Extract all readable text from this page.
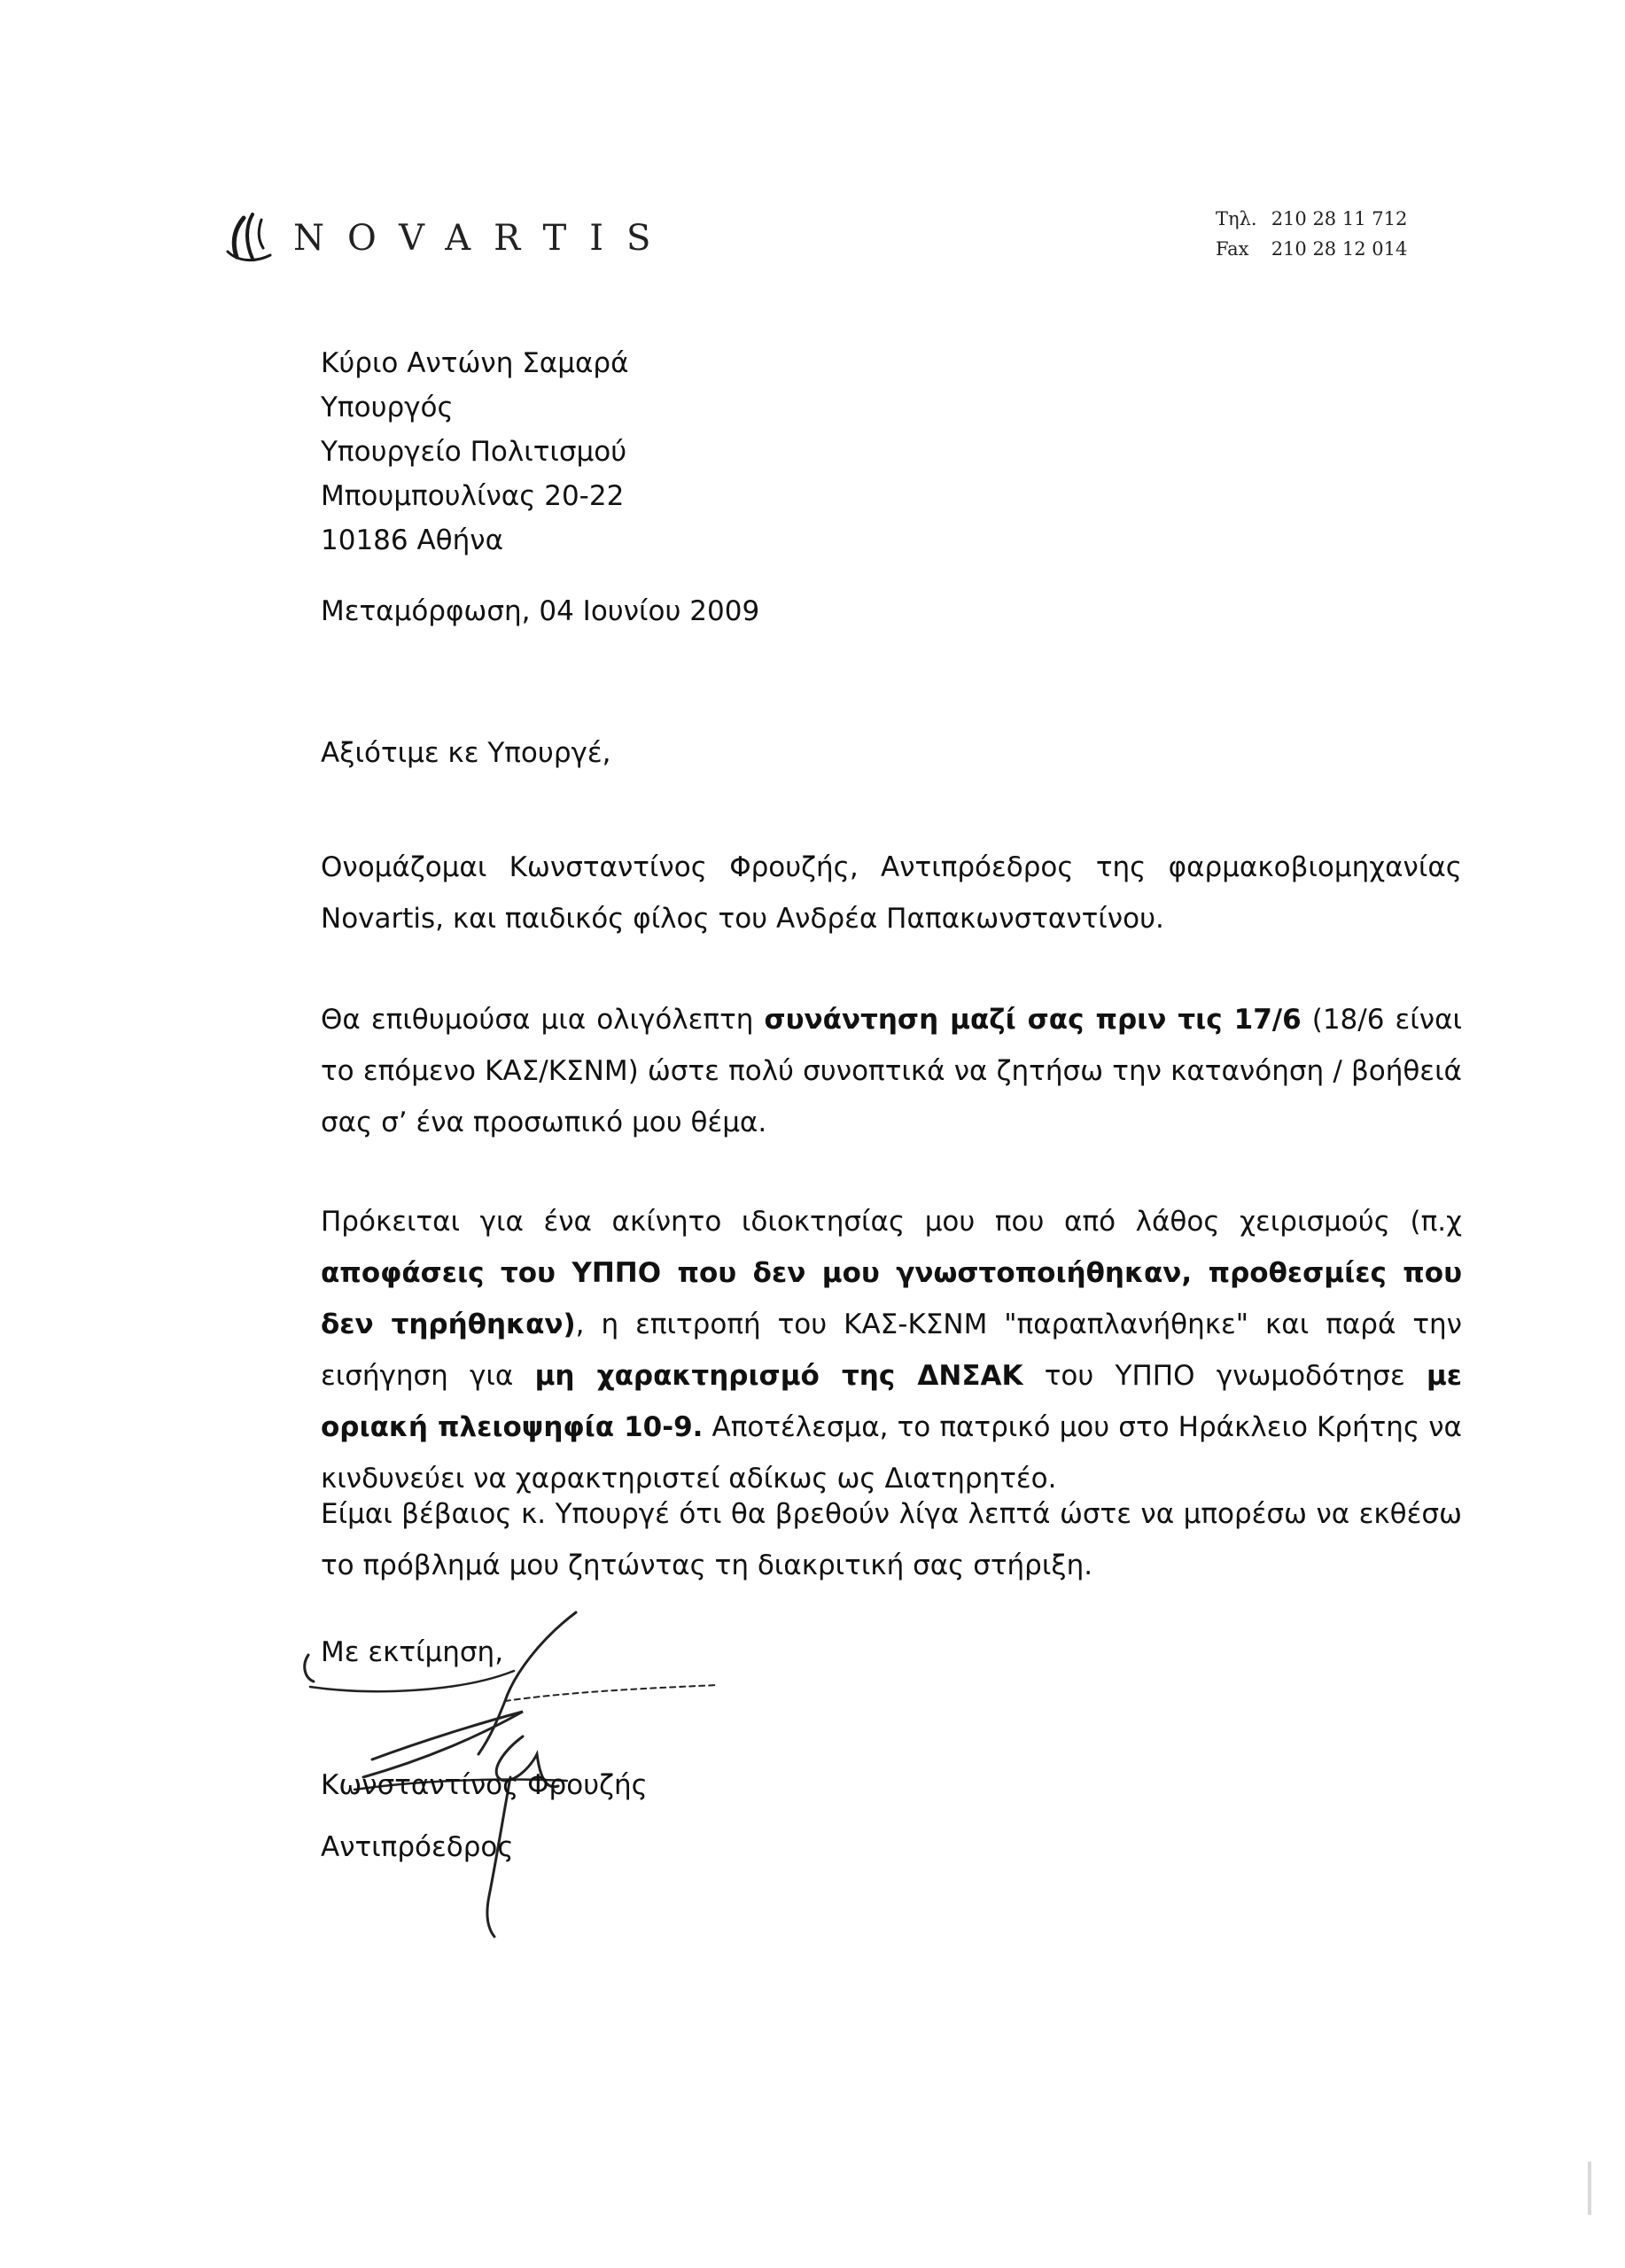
NOVARTIS	Τηλ. 210 28 11 712
Fax 210 28 12 014
Κύριο Αντώνη Σαμαρά
Υπουργός
Υπουργείο Πολιτισμού
Μπουμπουλίνας 20-22
10186 Αθήνα
Μεταμόρφωση, 04 Ιουνίου 2009
Αξιότιμε κε Υπουργέ,
Ονομάζομαι Κωνσταντίνος Φρουζής, Αντιπρόεδρος της φαρμακοβιομηχανίας Novartis, και παιδικός φίλος του Ανδρέα Παπακωνσταντίνου.
Θα επιθυμούσα μια ολιγόλεπτη συνάντηση μαζί σας πριν τις 17/6 (18/6 είναι το επόμενο ΚΑΣ/ΚΣΝΜ) ώστε πολύ συνοπτικά να ζητήσω την κατανόηση / βοήθειά σας σ’ ένα προσωπικό μου θέμα.
Πρόκειται για ένα ακίνητο ιδιοκτησίας μου που από λάθος χειρισμούς (π.χ αποφάσεις του ΥΠΠΟ που δεν μου γνωστοποιήθηκαν, προθεσμίες που δεν τηρήθηκαν), η επιτροπή του ΚΑΣ-ΚΣΝΜ "παραπλανήθηκε" και παρά την εισήγηση για μη χαρακτηρισμό της ΔΝΣΑΚ του ΥΠΠΟ γνωμοδότησε με οριακή πλειοψηφία 10-9. Αποτέλεσμα, το πατρικό μου στο Ηράκλειο Κρήτης να κινδυνεύει να χαρακτηριστεί αδίκως ως Διατηρητέο.
Είμαι βέβαιος κ. Υπουργέ ότι θα βρεθούν λίγα λεπτά ώστε να μπορέσω να εκθέσω το πρόβλημά μου ζητώντας τη διακριτική σας στήριξη.
Με εκτίμηση,
Κωνσταντίνος Φρουζής
Αντιπρόεδρος
